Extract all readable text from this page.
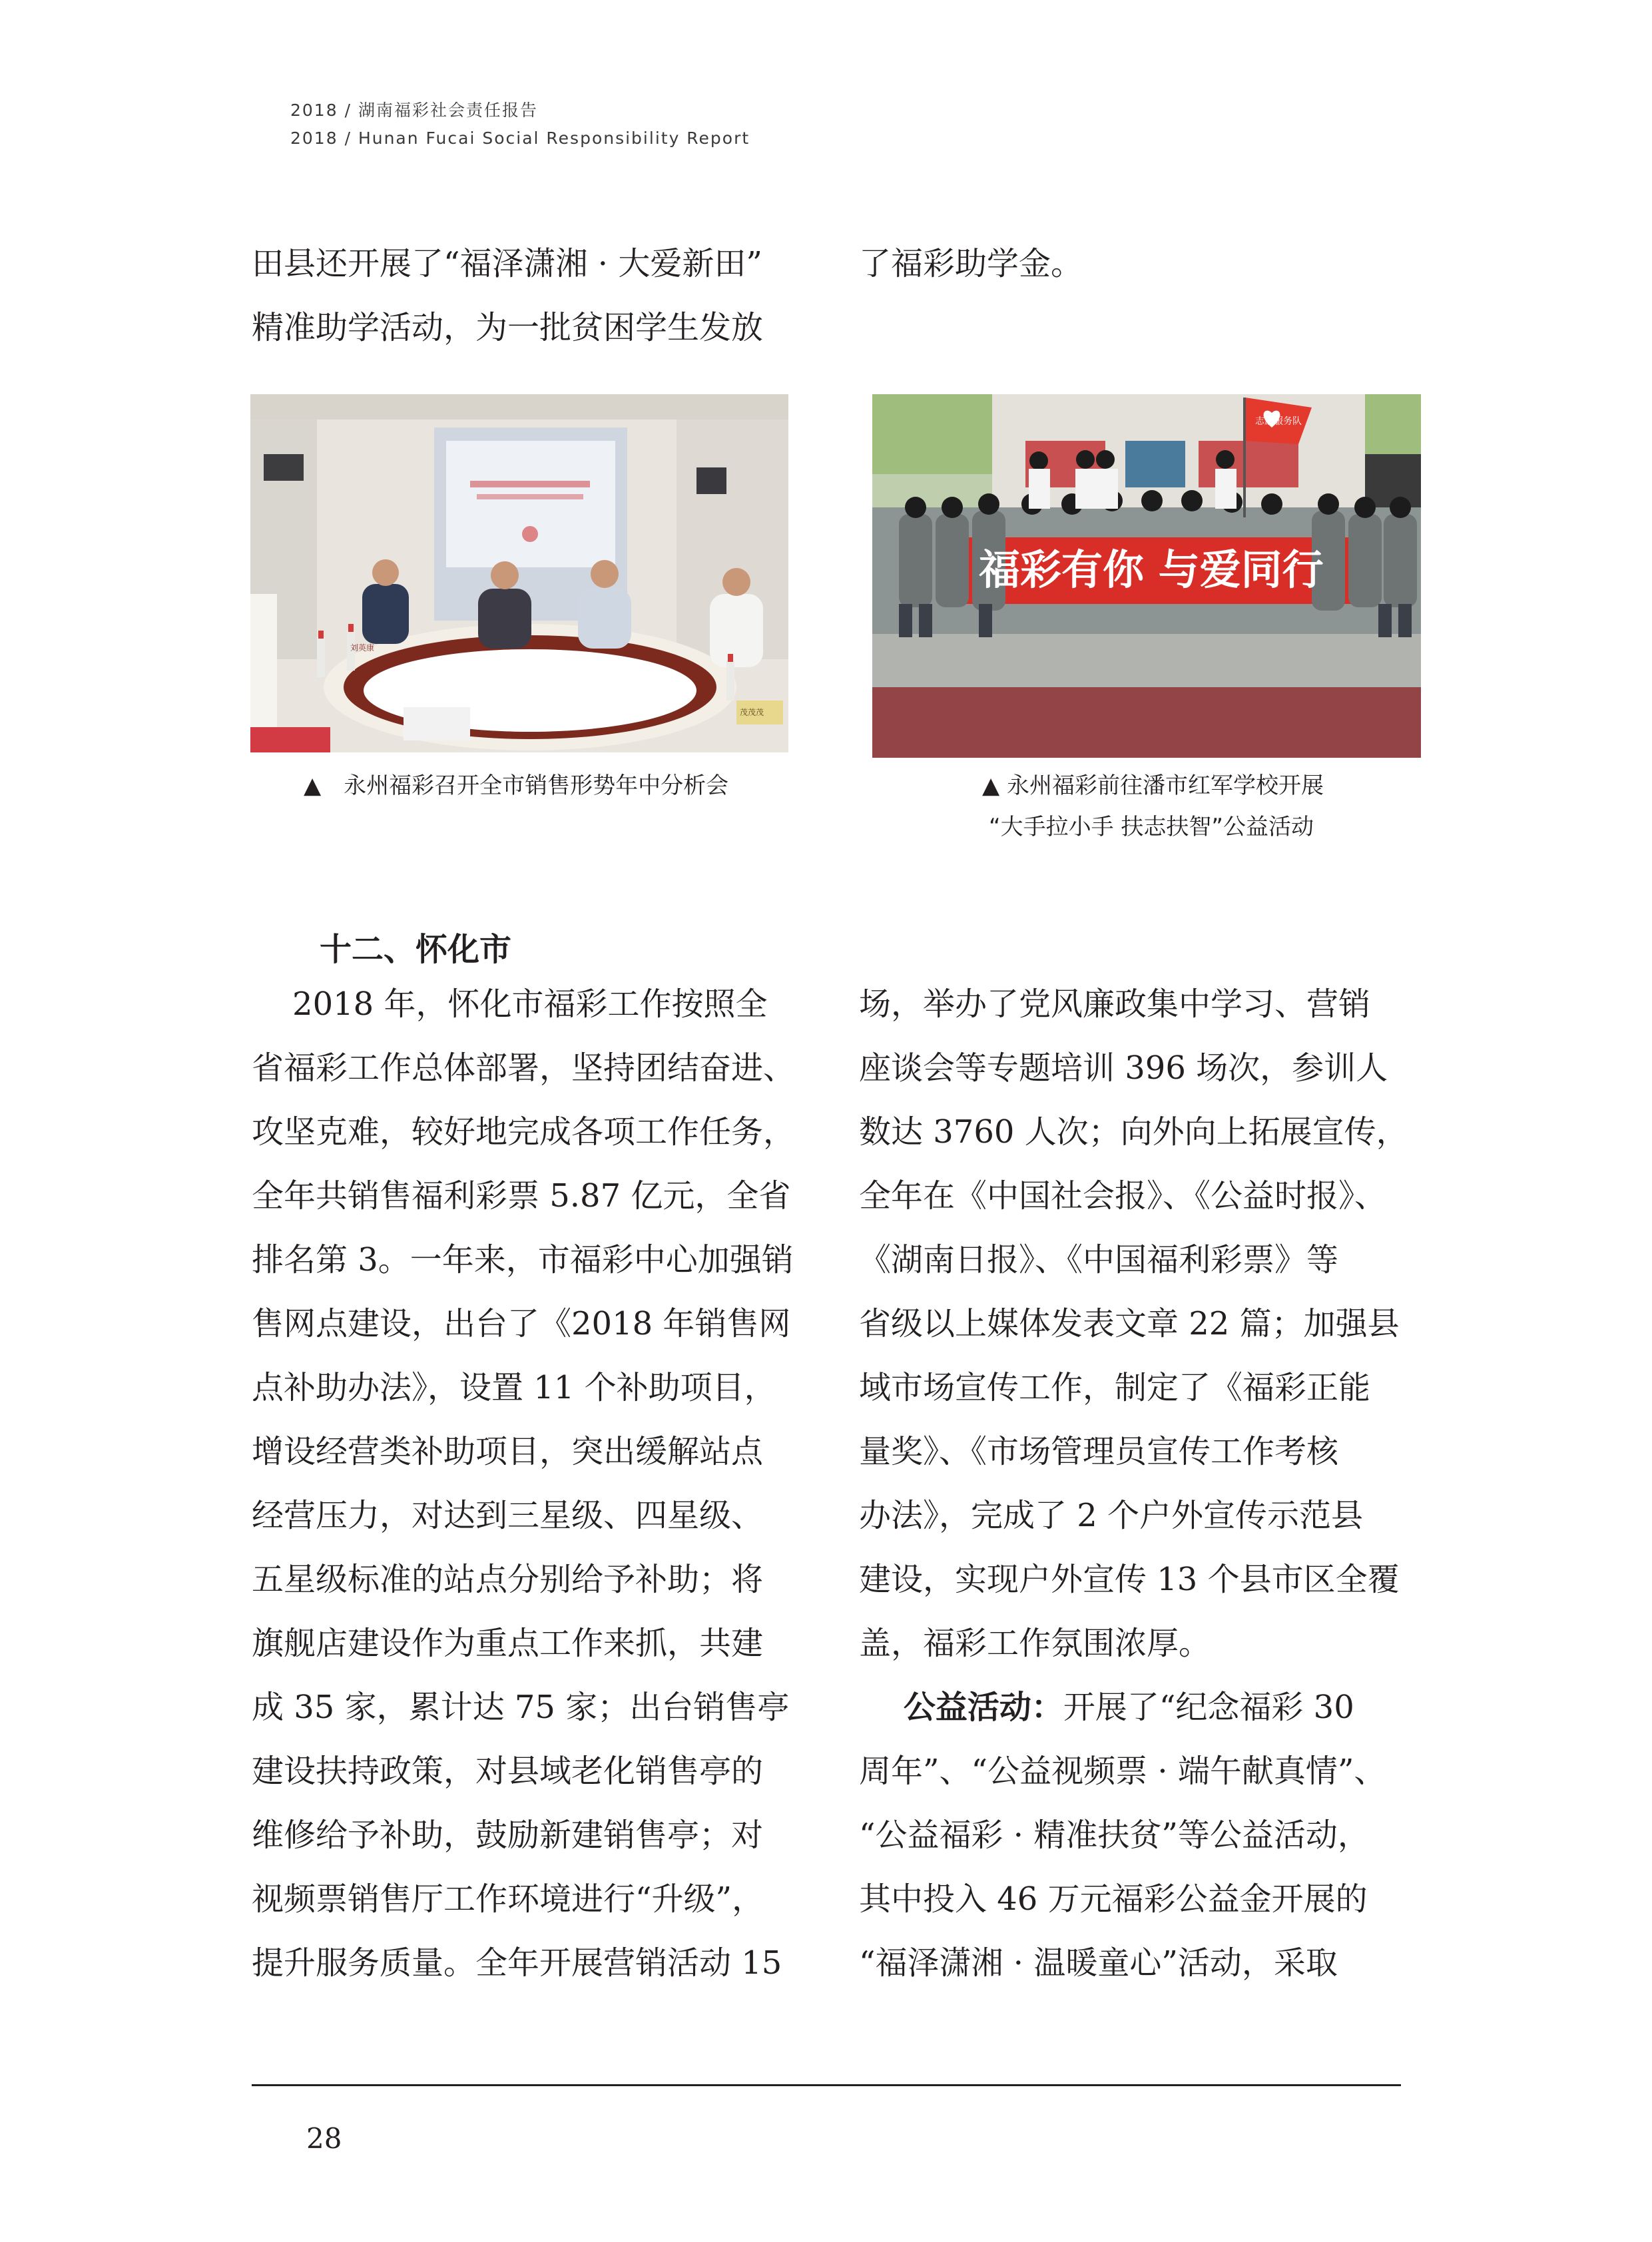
2018 / 湖南福彩社会责任报告
2018 / Hunan Fucai Social Responsibility Report

田县还开展了“福泽潇湘 · 大爱新田”

精准助学活动，为一批贫困学生发放

了福彩助学金。

刘英康
茂茂茂
▲　永州福彩召开全市销售形势年中分析会
福彩有你 与爱同行
志愿服务队
▲ 永州福彩前往潘市红军学校开展
“大手拉小手 扶志扶智”公益活动
十二、怀化市

2018 年，怀化市福彩工作按照全

省福彩工作总体部署，坚持团结奋进、

攻坚克难，较好地完成各项工作任务，

全年共销售福利彩票 5.87 亿元，全省

排名第 3。一年来，市福彩中心加强销

售网点建设，出台了《2018 年销售网

点补助办法》，设置 11 个补助项目，

增设经营类补助项目，突出缓解站点

经营压力，对达到三星级、四星级、

五星级标准的站点分别给予补助；将

旗舰店建设作为重点工作来抓，共建

成 35 家，累计达 75 家；出台销售亭

建设扶持政策，对县域老化销售亭的

维修给予补助，鼓励新建销售亭；对

视频票销售厅工作环境进行“升级”，

提升服务质量。全年开展营销活动 15

场，举办了党风廉政集中学习、营销

座谈会等专题培训 396 场次，参训人

数达 3760 人次；向外向上拓展宣传，

全年在《中国社会报》、《公益时报》、

《湖南日报》、《中国福利彩票》等

省级以上媒体发表文章 22 篇；加强县

域市场宣传工作，制定了《福彩正能

量奖》、《市场管理员宣传工作考核

办法》，完成了 2 个户外宣传示范县

建设，实现户外宣传 13 个县市区全覆

盖，福彩工作氛围浓厚。

公益活动：开展了“纪念福彩 30

周年”、“公益视频票 · 端午献真情”、

“公益福彩 · 精准扶贫”等公益活动，

其中投入 46 万元福彩公益金开展的

“福泽潇湘 · 温暖童心”活动，采取

28
